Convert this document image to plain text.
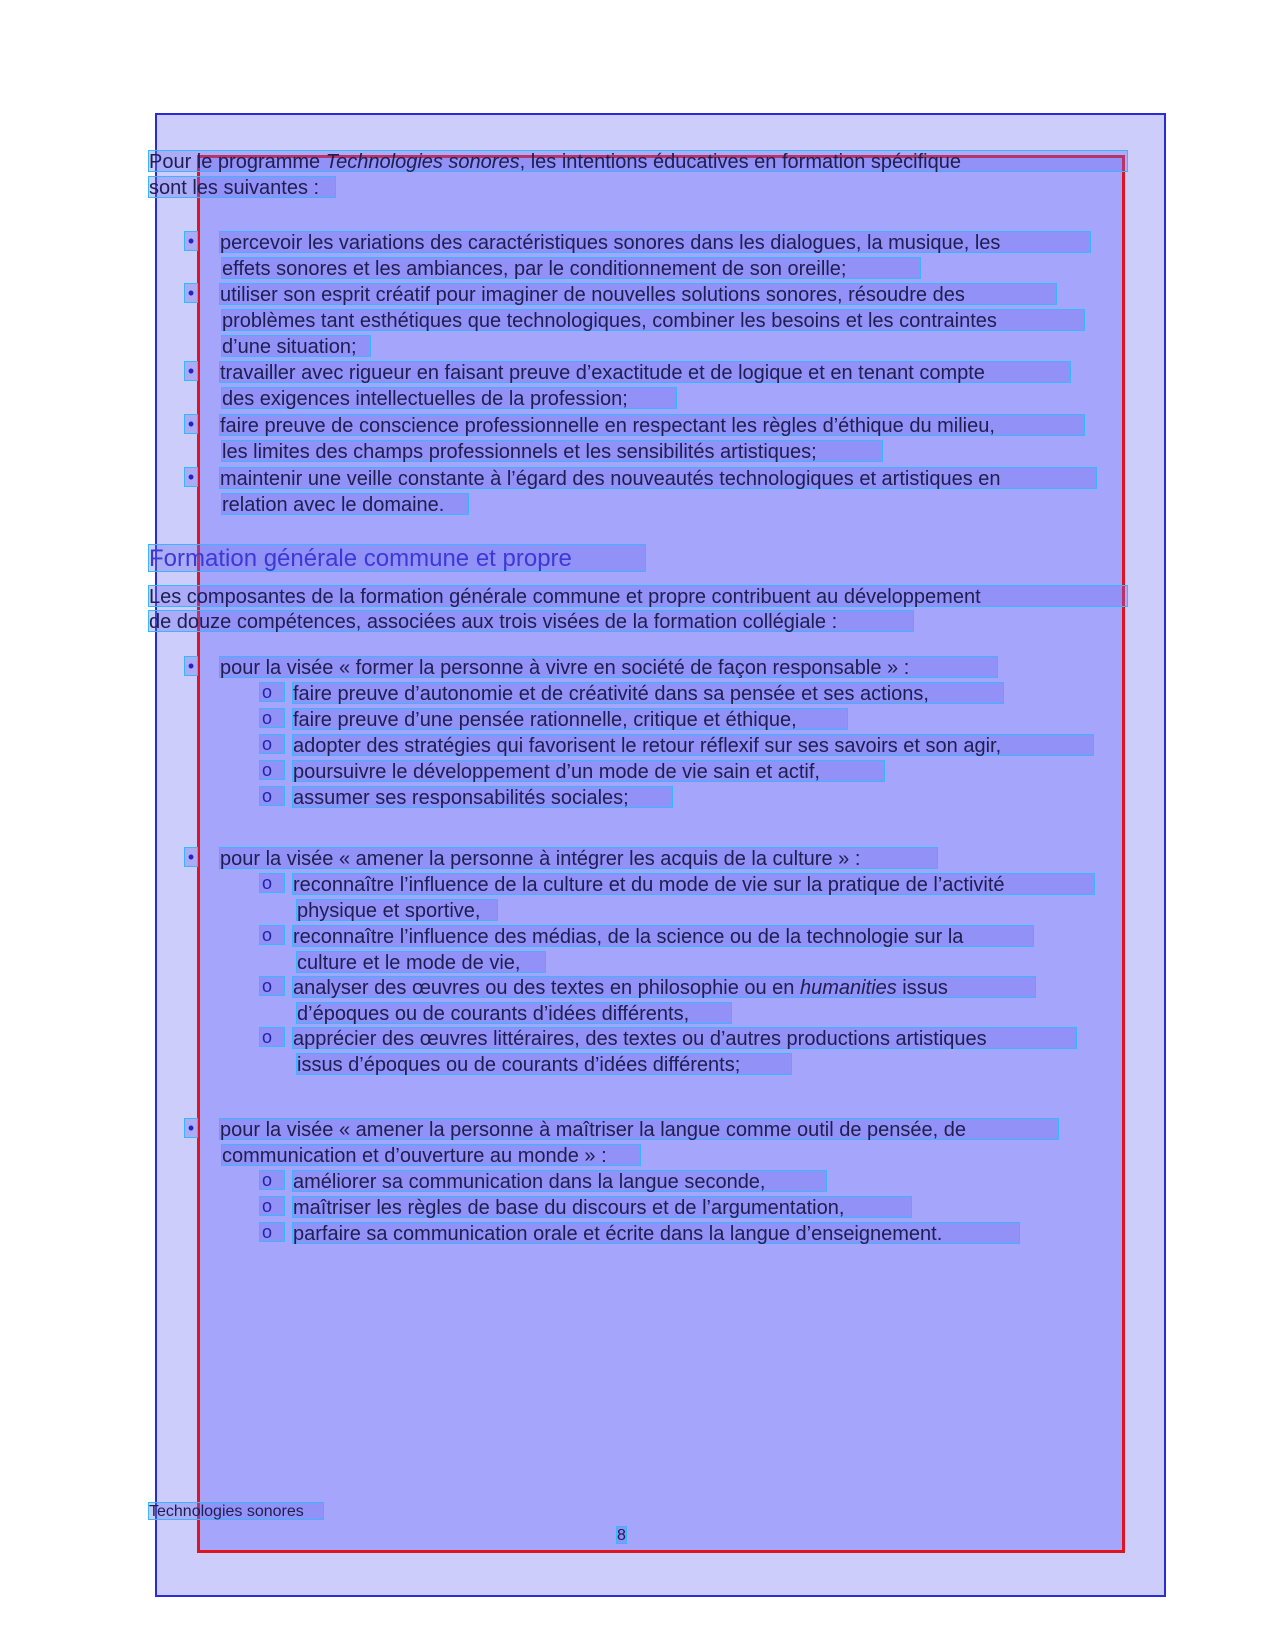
Pour le programme Technologies sonores, les intentions éducatives en formation spécifique
sont les suivantes :
• percevoir les variations des caractéristiques sonores dans les dialogues, la musique, les
effets sonores et les ambiances, par le conditionnement de son oreille;
• utiliser son esprit créatif pour imaginer de nouvelles solutions sonores, résoudre des
problèmes tant esthétiques que technologiques, combiner les besoins et les contraintes
d’une situation;
• travailler avec rigueur en faisant preuve d’exactitude et de logique et en tenant compte
des exigences intellectuelles de la profession;
• faire preuve de conscience professionnelle en respectant les règles d’éthique du milieu,
les limites des champs professionnels et les sensibilités artistiques;
• maintenir une veille constante à l’égard des nouveautés technologiques et artistiques en
relation avec le domaine.
Formation générale commune et propre
Les composantes de la formation générale commune et propre contribuent au développement
de douze compétences, associées aux trois visées de la formation collégiale :
• pour la visée « former la personne à vivre en société de façon responsable » :
o	faire preuve d’autonomie et de créativité dans sa pensée et ses actions,
o	faire preuve d’une pensée rationnelle, critique et éthique,
o	adopter des stratégies qui favorisent le retour réflexif sur ses savoirs et son agir,
o	poursuivre le développement d’un mode de vie sain et actif,
o	assumer ses responsabilités sociales;
• pour la visée « amener la personne à intégrer les acquis de la culture » :
o	reconnaître l’influence de la culture et du mode de vie sur la pratique de l’activité
physique et sportive,
o	reconnaître l’influence des médias, de la science ou de la technologie sur la
culture et le mode de vie,
o	analyser des œuvres ou des textes en philosophie ou en humanities issus
d’époques ou de courants d’idées différents,
o	apprécier des œuvres littéraires, des textes ou d’autres productions artistiques
issus d’époques ou de courants d’idées différents;
• pour la visée « amener la personne à maîtriser la langue comme outil de pensée, de
communication et d’ouverture au monde » :
o	améliorer sa communication dans la langue seconde,
o	maîtriser les règles de base du discours et de l’argumentation,
o	parfaire sa communication orale et écrite dans la langue d’enseignement.
Technologies sonores
8
